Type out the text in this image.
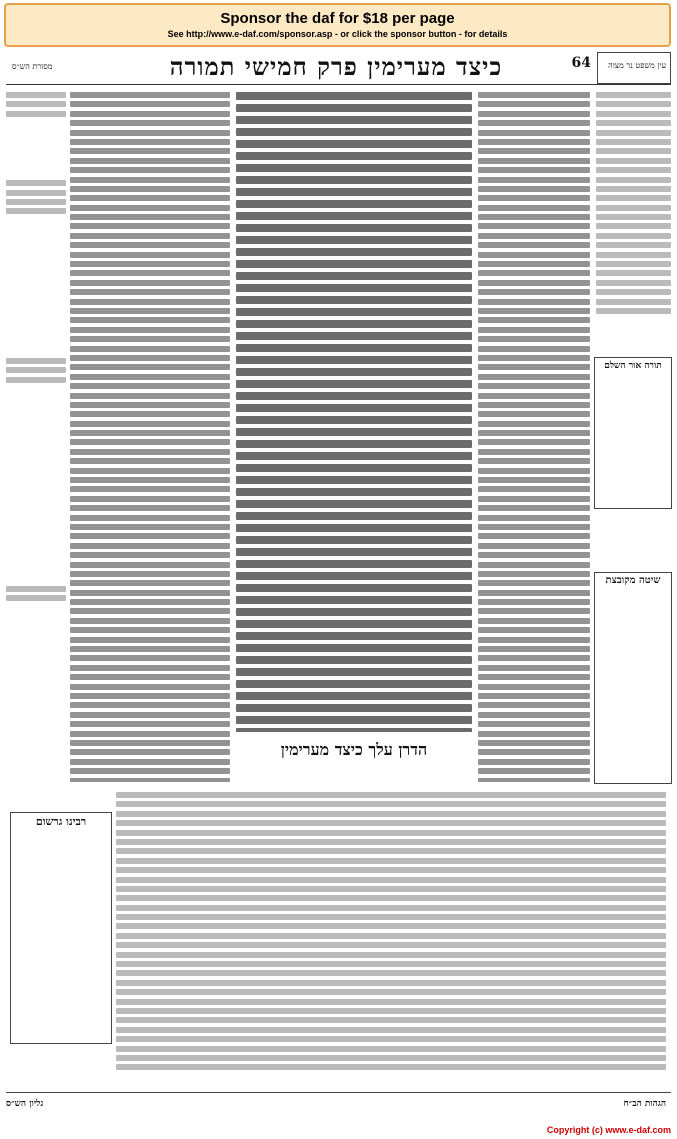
Sponsor the daf for $18 per page
See http://www.e-daf.com/sponsor.asp - or click the sponsor button - for details
מסורת הש״ס	כיצד מערימין פרק חמישי תמורה	64 עין משפט נר מצוה
הדרן עלך כיצד מערימין
תורה אור השלם
שיטה מקובצת
רבינו גרשום
הגהות הב״ח
גליון הש״ס
Copyright (c) www.e-daf.com
